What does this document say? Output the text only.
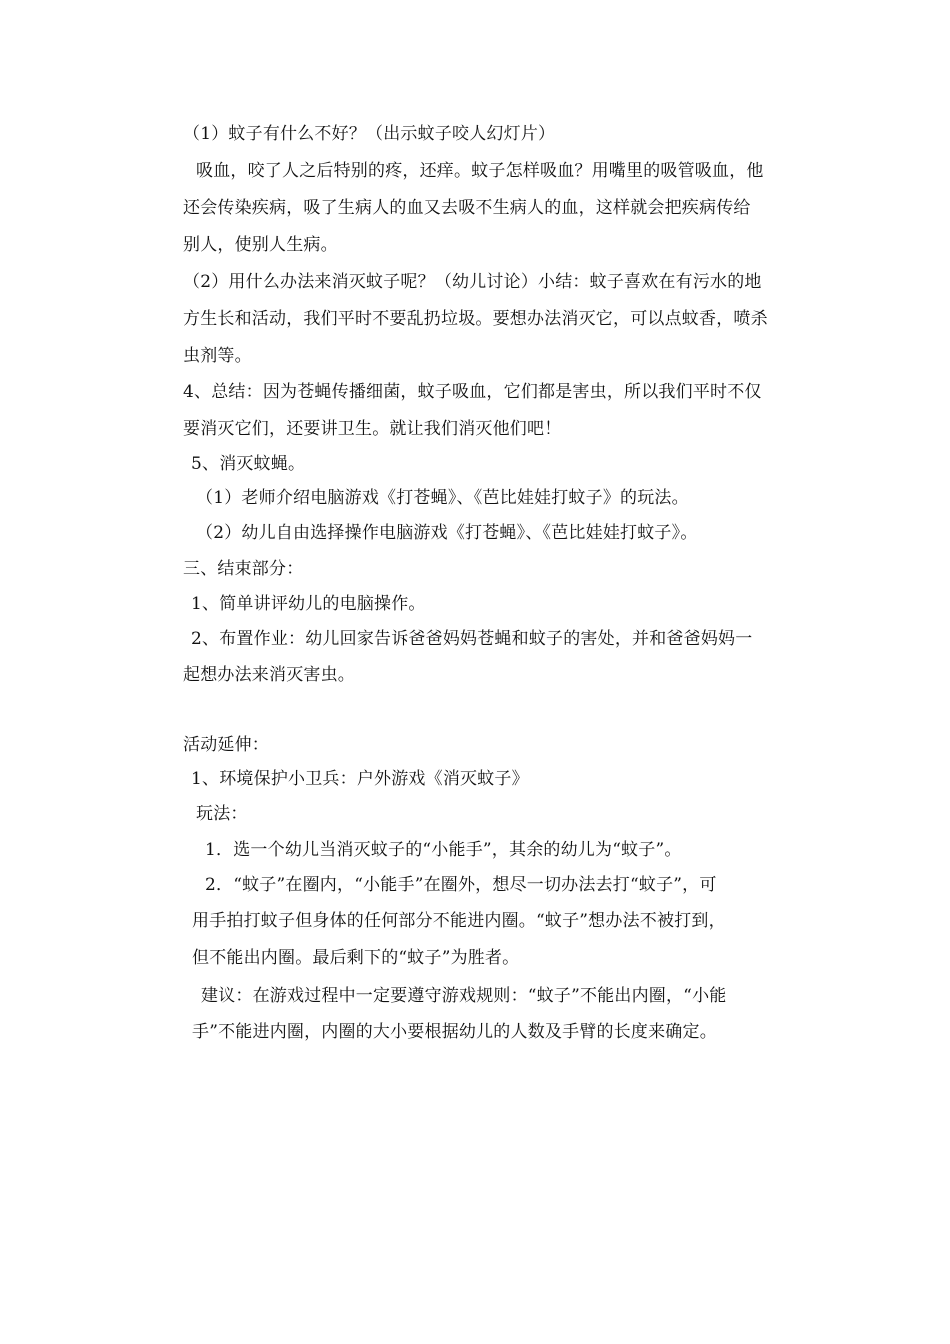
（1）蚊子有什么不好？（出示蚊子咬人幻灯片）
吸血，咬了人之后特别的疼，还痒。蚊子怎样吸血？用嘴里的吸管吸血，他
还会传染疾病，吸了生病人的血又去吸不生病人的血，这样就会把疾病传给
别人，使别人生病。
（2）用什么办法来消灭蚊子呢？（幼儿讨论）小结：蚊子喜欢在有污水的地
方生长和活动，我们平时不要乱扔垃圾。要想办法消灭它，可以点蚊香，喷杀
虫剂等。
4、总结：因为苍蝇传播细菌，蚊子吸血，它们都是害虫，所以我们平时不仅
要消灭它们，还要讲卫生。就让我们消灭他们吧！
5、消灭蚊蝇。
（1）老师介绍电脑游戏《打苍蝇》、《芭比娃娃打蚊子》的玩法。
（2）幼儿自由选择操作电脑游戏《打苍蝇》、《芭比娃娃打蚊子》。
三、结束部分：
1、简单讲评幼儿的电脑操作。
2、布置作业：幼儿回家告诉爸爸妈妈苍蝇和蚊子的害处，并和爸爸妈妈一
起想办法来消灭害虫。
活动延伸：
1、环境保护小卫兵：户外游戏《消灭蚊子》
玩法：
1．选一个幼儿当消灭蚊子的“小能手”，其余的幼儿为“蚊子”。
2．“蚊子”在圈内，“小能手”在圈外，想尽一切办法去打“蚊子”，可
用手拍打蚊子但身体的任何部分不能进内圈。“蚊子”想办法不被打到，
但不能出内圈。最后剩下的“蚊子”为胜者。
建议：在游戏过程中一定要遵守游戏规则：“蚊子”不能出内圈，“小能
手”不能进内圈，内圈的大小要根据幼儿的人数及手臂的长度来确定。
